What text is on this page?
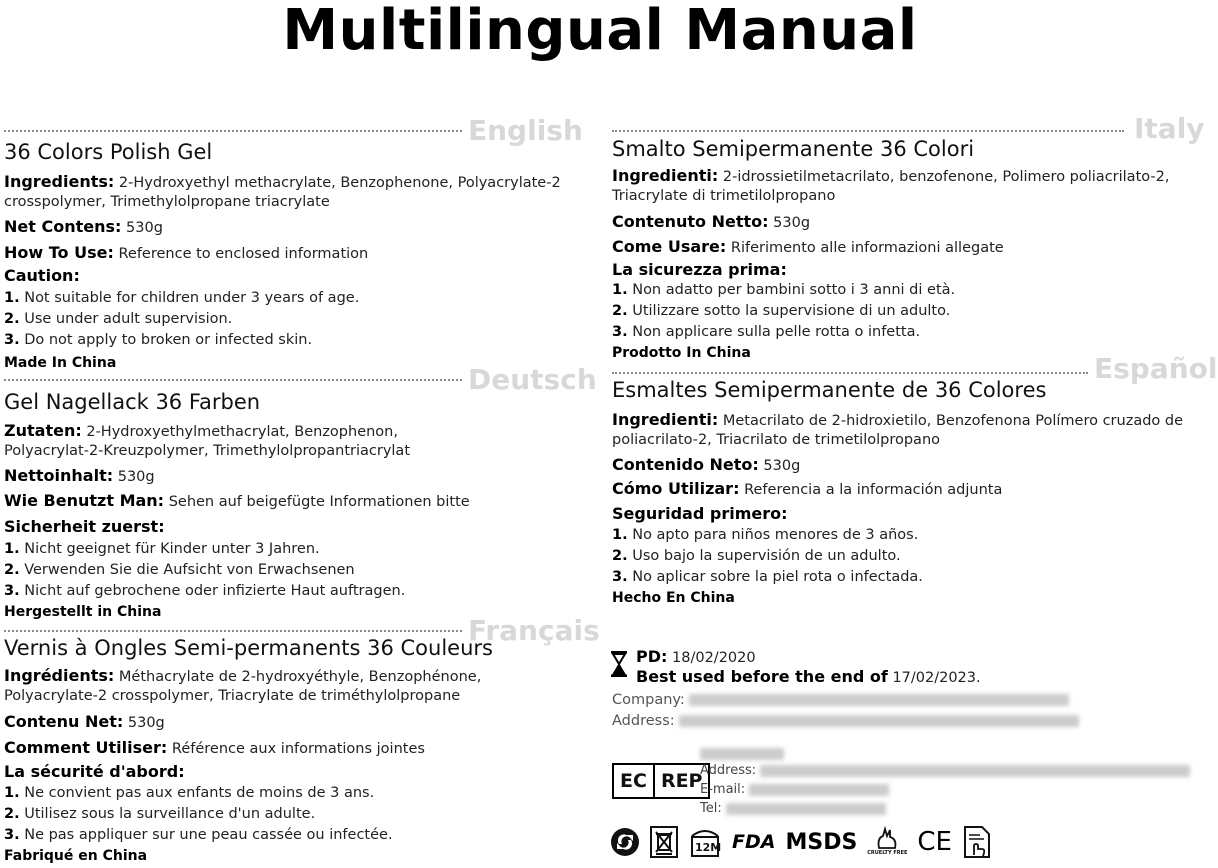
Multilingual Manual
English
36 Colors Polish Gel
Ingredients: 2-Hydroxyethyl methacrylate, Benzophenone, Polyacrylate-2
crosspolymer, Trimethylolpropane triacrylate
Net Contens: 530g
How To Use: Reference to enclosed information
Caution:
1. Not suitable for children under 3 years of age.
2. Use under adult supervision.
3. Do not apply to broken or infected skin.
Made In China	Deutsch
Gel Nagellack 36 Farben
Zutaten: 2-Hydroxyethylmethacrylat, Benzophenon,
Polyacrylat-2-Kreuzpolymer, Trimethylolpropantriacrylat
Nettoinhalt: 530g
Wie Benutzt Man: Sehen auf beigefügte Informationen bitte
Sicherheit zuerst:
1. Nicht geeignet für Kinder unter 3 Jahren.
2. Verwenden Sie die Aufsicht von Erwachsenen
3. Nicht auf gebrochene oder infizierte Haut auftragen.
Hergestellt in China
Français
Vernis à Ongles Semi-permanents 36 Couleurs
Ingrédients: Méthacrylate de 2-hydroxyéthyle, Benzophénone,
Polyacrylate-2 crosspolymer, Triacrylate de triméthylolpropane
Contenu Net: 530g
Comment Utiliser: Référence aux informations jointes
La sécurité d'abord:
1. Ne convient pas aux enfants de moins de 3 ans.
2. Utilisez sous la surveillance d'un adulte.
3. Ne pas appliquer sur une peau cassée ou infectée.
Fabriqué en China
Italy
Smalto Semipermanente 36 Colori
Ingredienti: 2-idrossietilmetacrilato, benzofenone, Polimero poliacrilato-2,
Triacrylate di trimetilolpropano
Contenuto Netto: 530g
Come Usare: Riferimento alle informazioni allegate
La sicurezza prima:
1. Non adatto per bambini sotto i 3 anni di età.
2. Utilizzare sotto la supervisione di un adulto.
3. Non applicare sulla pelle rotta o infetta.
Prodotto In China	Español
Esmaltes Semipermanente de 36 Colores
Ingredienti: Metacrilato de 2-hidroxietilo, Benzofenona Polímero cruzado de
poliacrilato-2, Triacrilato de trimetilolpropano
Contenido Neto: 530g
Cómo Utilizar: Referencia a la información adjunta
Seguridad primero:
1. No apto para niños menores de 3 años.
2. Uso bajo la supervisión de un adulto.
3. No aplicar sobre la piel rota o infectada.
Hecho En China
PD: 18/02/2020
Best used before the end of 17/02/2023.
Company:
Address:
EC REP
Address:
E-mail:
Tel:
12M FDA MSDS CRUELTY FREE CE
